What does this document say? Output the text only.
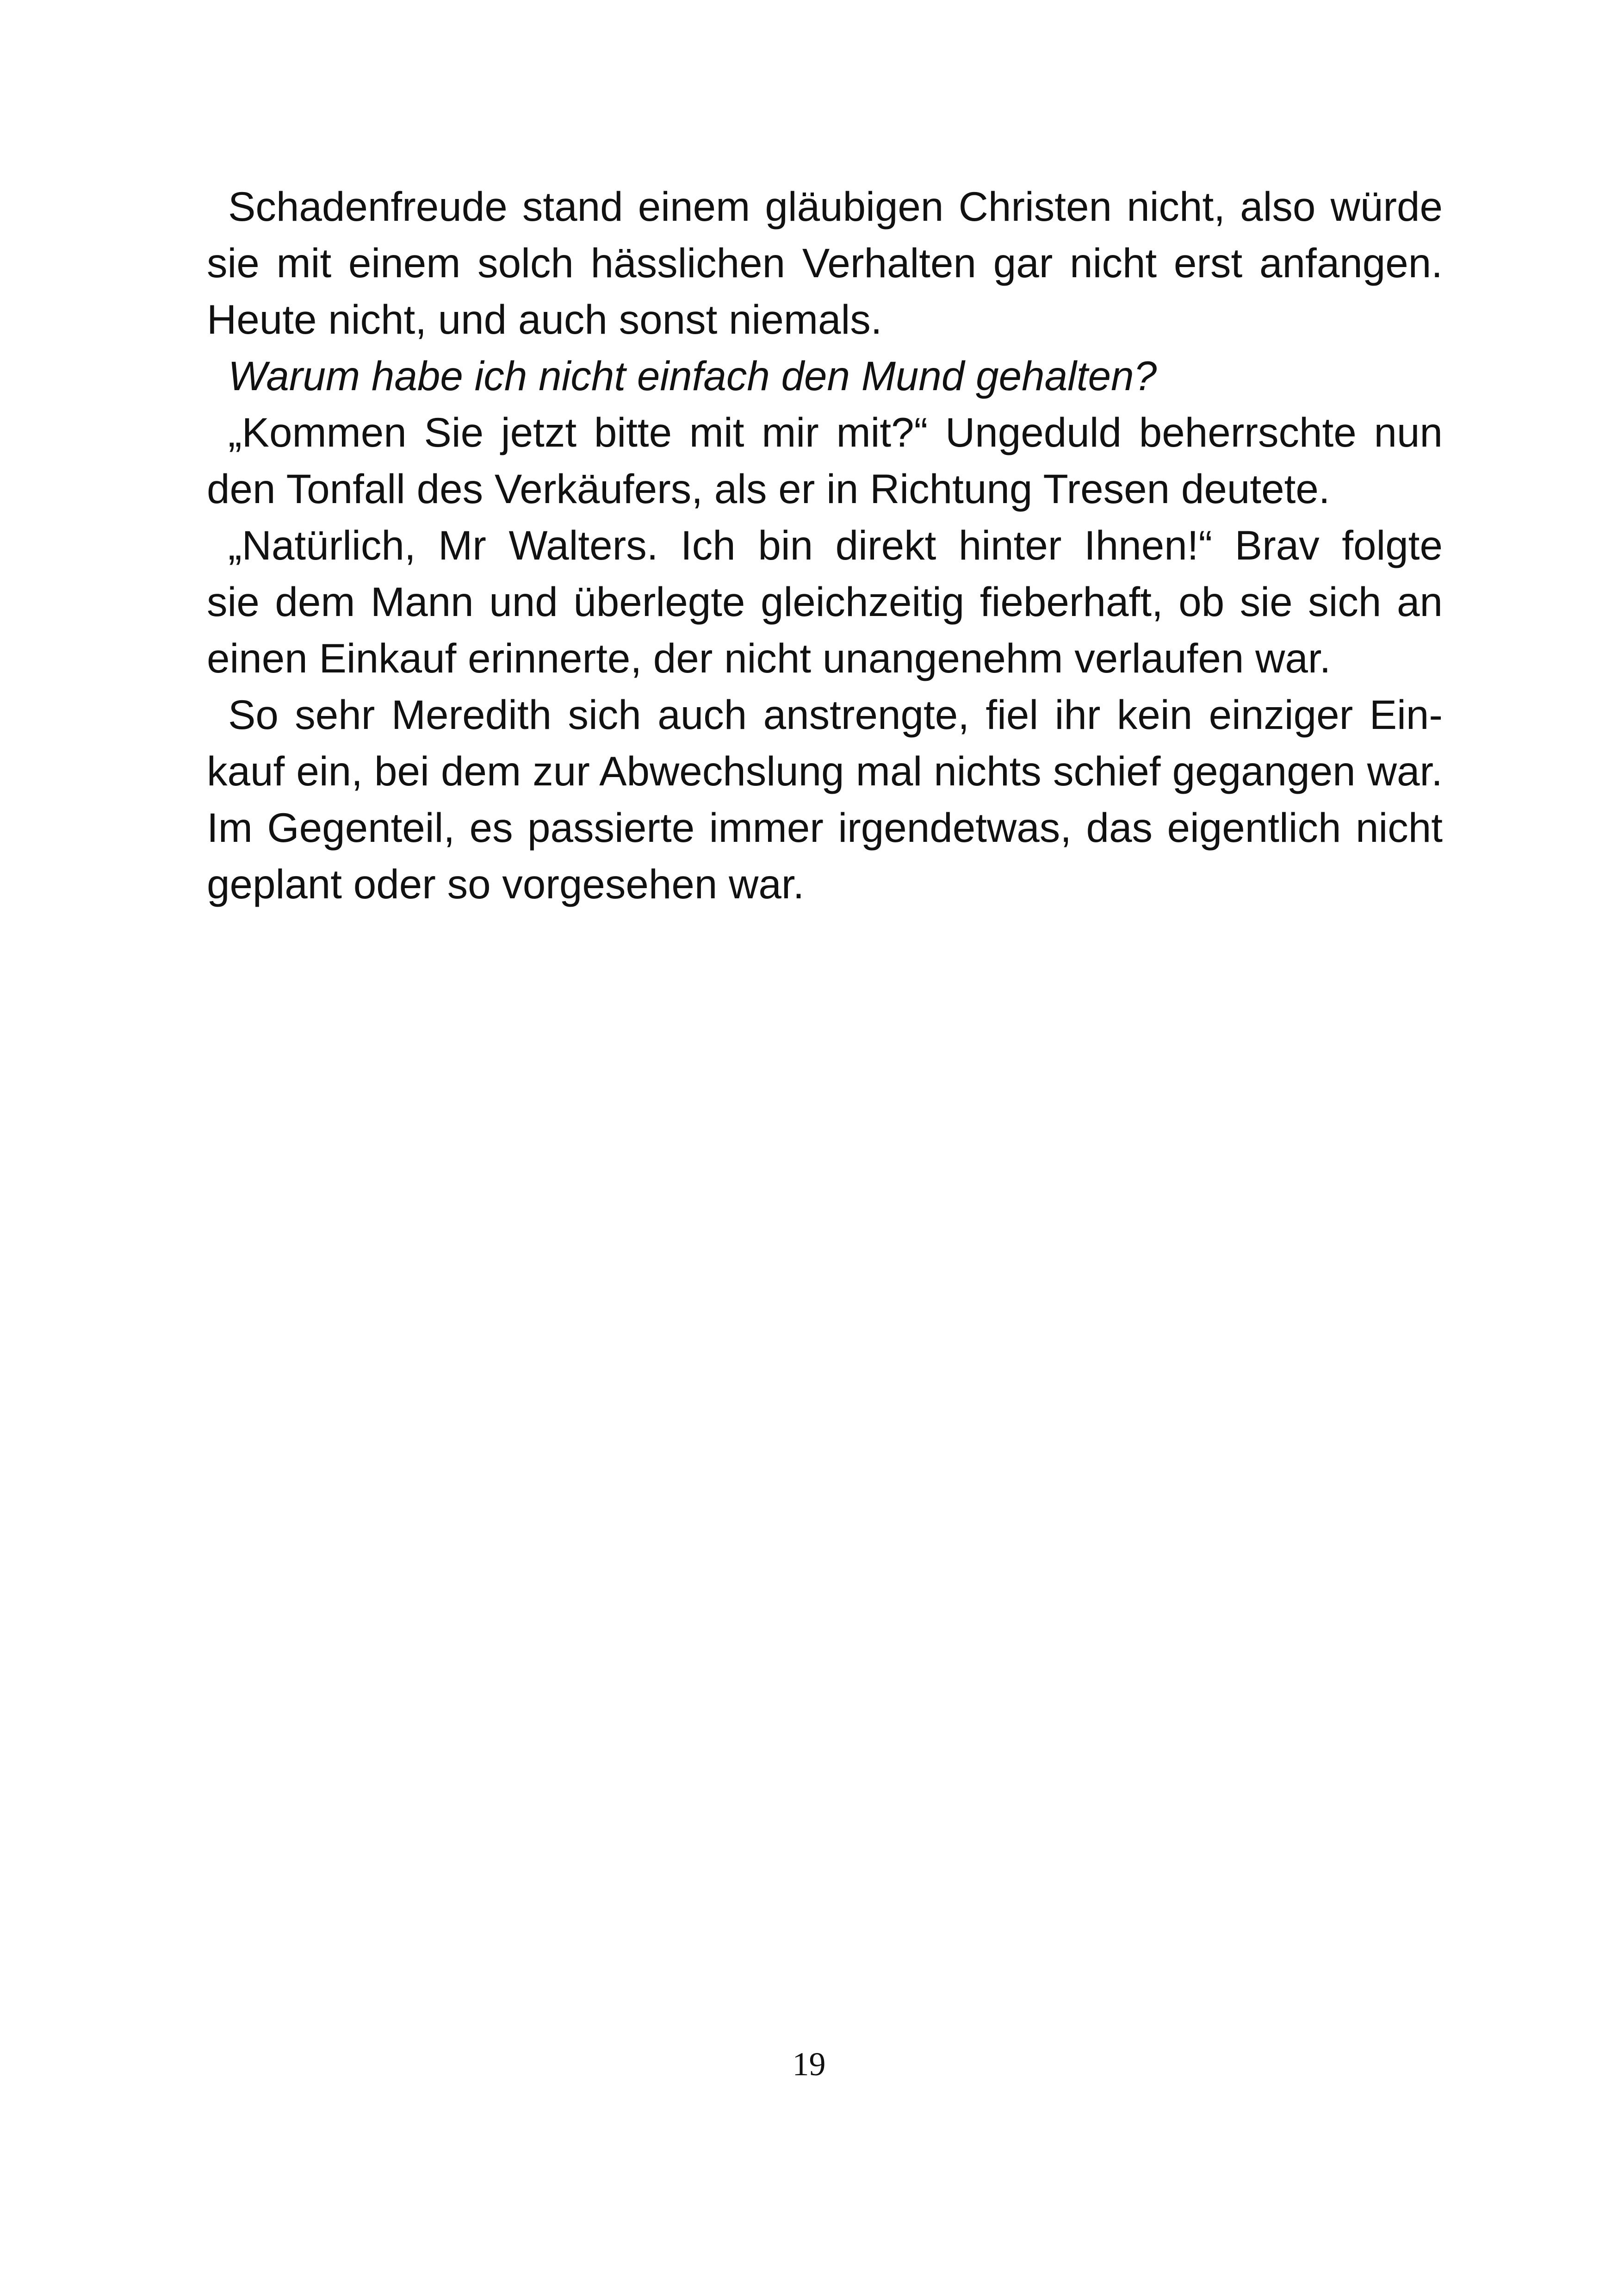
Schadenfreude stand einem gläubigen Christen nicht, also würde
sie mit einem solch hässlichen Verhalten gar nicht erst anfangen.
Heute nicht, und auch sonst niemals.
Warum habe ich nicht einfach den Mund gehalten?
„Kommen Sie jetzt bitte mit mir mit?“ Ungeduld beherrschte nun
den Tonfall des Verkäufers, als er in Richtung Tresen deutete.
„Natürlich, Mr Walters. Ich bin direkt hinter Ihnen!“ Brav folgte
sie dem Mann und überlegte gleichzeitig fieberhaft, ob sie sich an
einen Einkauf erinnerte, der nicht unangenehm verlaufen war.
So sehr Meredith sich auch anstrengte, fiel ihr kein einziger Ein-
kauf ein, bei dem zur Abwechslung mal nichts schief gegangen war.
Im Gegenteil, es passierte immer irgendetwas, das eigentlich nicht
geplant oder so vorgesehen war.
19
